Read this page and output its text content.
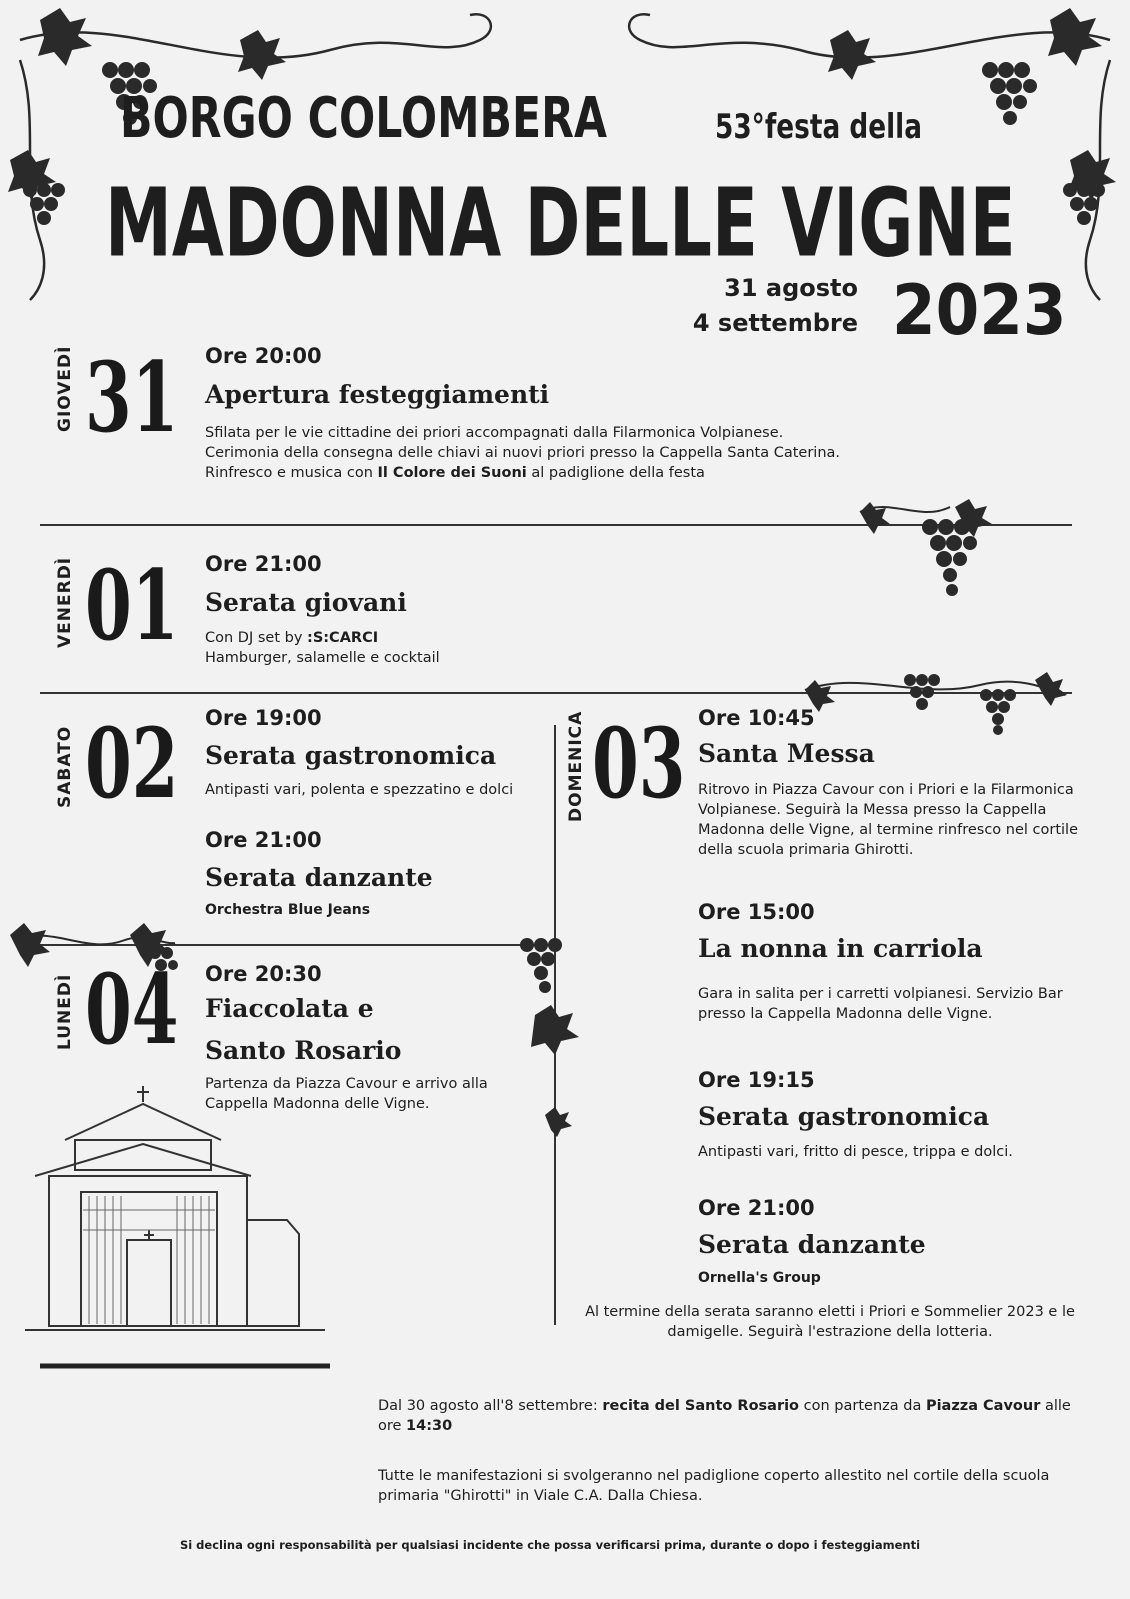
BORGO COLOMBERA	53°festa della
MADONNA DELLE VIGNE
31 agosto
4 settembre 2023
GIOVEDÌ 31 Ore 20:00
Apertura festeggiamenti

Sfilata per le vie cittadine dei priori accompagnati dalla Filarmonica Volpianese.

Cerimonia della consegna delle chiavi ai nuovi priori presso la Cappella Santa Caterina.

Rinfresco e musica con Il Colore dei Suoni al padiglione della festa

VENERDÌ 01 Ore 21:00
Serata giovani

Con DJ set by :S:CARCI

Hamburger, salamelle e cocktail

SABATO 02 Ore 19:00
Serata gastronomica
Antipasti vari, polenta e spezzatino e dolci
Ore 21:00
Serata danzante
Orchestra Blue Jeans
LUNEDÌ 04 Ore 20:30
Fiaccolata e
Santo Rosario
Partenza da Piazza Cavour e arrivo alla Cappella Madonna delle Vigne.
DOMENICA 03 Ore 10:45
Santa Messa
Ritrovo in Piazza Cavour con i Priori e la Filarmonica Volpianese. Seguirà la Messa presso la Cappella Madonna delle Vigne, al termine rinfresco nel cortile della scuola primaria Ghirotti.
Ore 15:00
La nonna in carriola
Gara in salita per i carretti volpianesi. Servizio Bar presso la Cappella Madonna delle Vigne.
Ore 19:15
Serata gastronomica
Antipasti vari, fritto di pesce, trippa e dolci.
Ore 21:00
Serata danzante
Ornella's Group
Al termine della serata saranno eletti i Priori e Sommelier 2023 e le damigelle. Seguirà l'estrazione della lotteria.
Dal 30 agosto all'8 settembre: recita del Santo Rosario con partenza da Piazza Cavour alle ore 14:30
Tutte le manifestazioni si svolgeranno nel padiglione coperto allestito nel cortile della scuola primaria "Ghirotti" in Viale C.A. Dalla Chiesa.
Si declina ogni responsabilità per qualsiasi incidente che possa verificarsi prima, durante o dopo i festeggiamenti
